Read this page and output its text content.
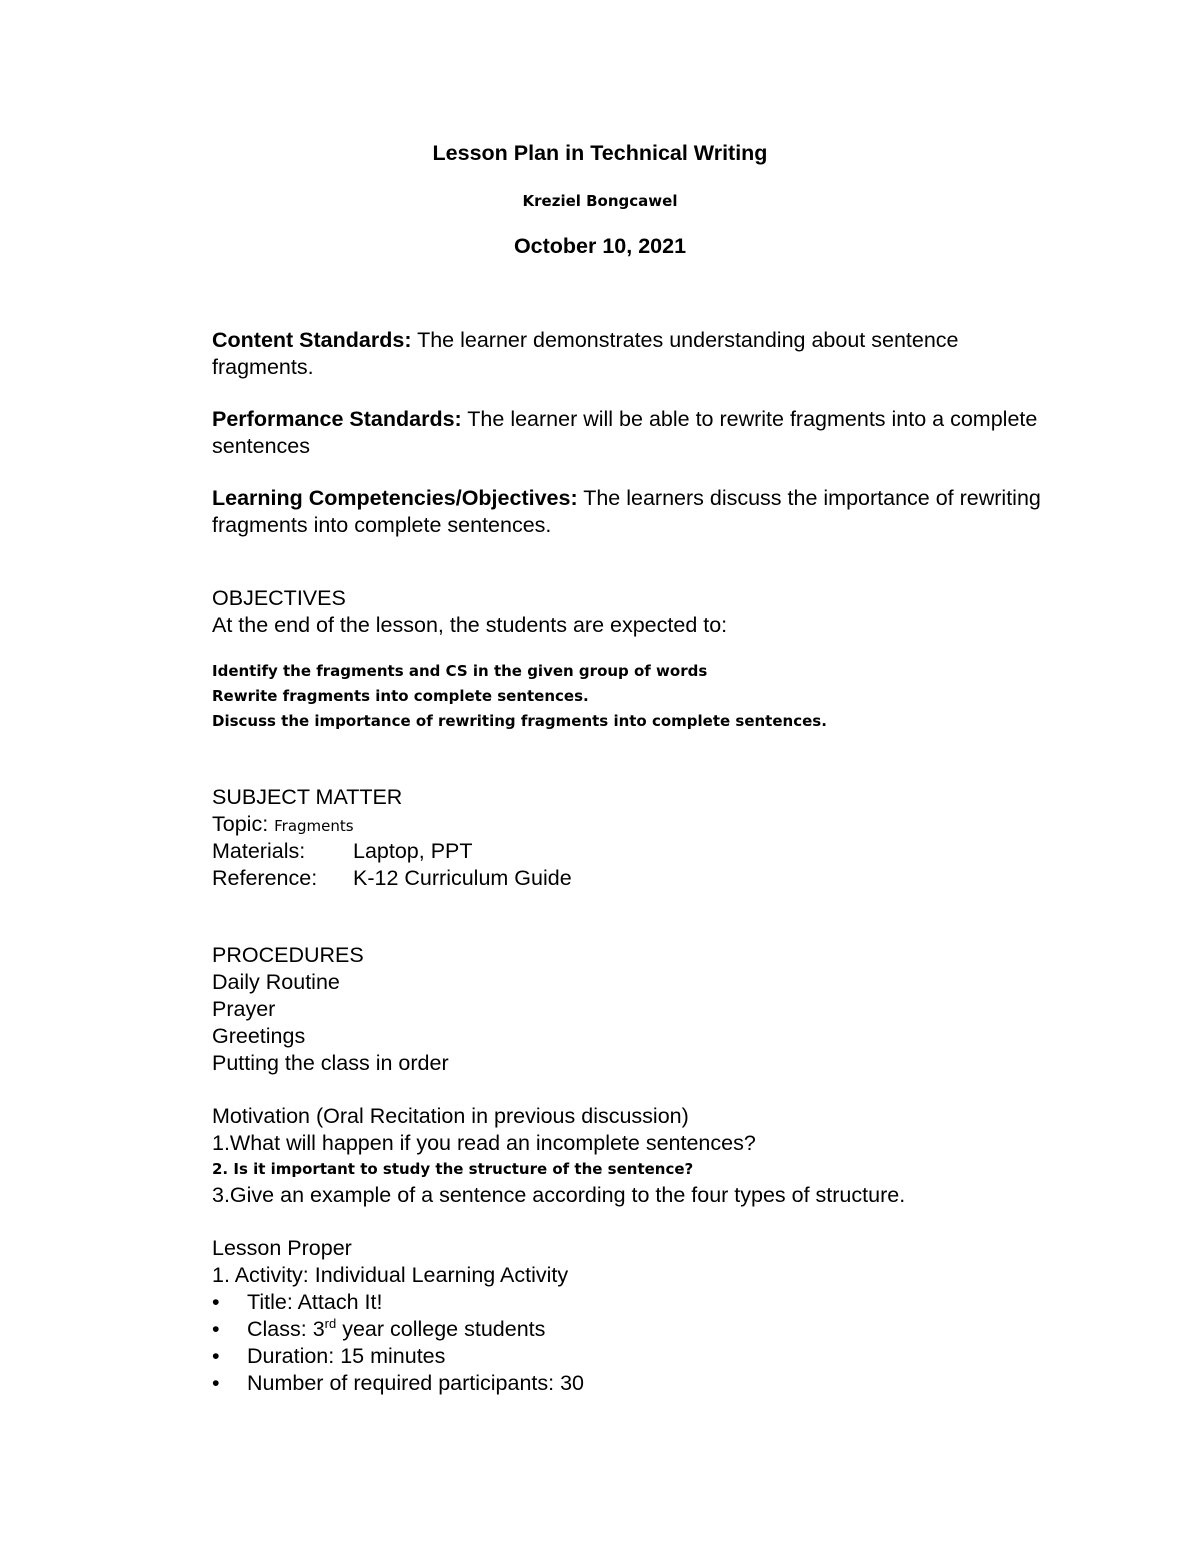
Lesson Plan in Technical Writing
Kreziel Bongcawel
October 10, 2021
Content Standards: The learner demonstrates understanding about sentence fragments.
Performance Standards: The learner will be able to rewrite fragments into a complete sentences
Learning Competencies/Objectives: The learners discuss the importance of rewriting fragments into complete sentences.
OBJECTIVES
At the end of the lesson, the students are expected to:
Identify the fragments and CS in the given group of words
Rewrite fragments into complete sentences.
Discuss the importance of rewriting fragments into complete sentences.
SUBJECT MATTER
Topic: Fragments
Materials: Laptop, PPT
Reference: K-12 Curriculum Guide
PROCEDURES
Daily Routine
Prayer
Greetings
Putting the class in order
Motivation (Oral Recitation in previous discussion)
1.What will happen if you read an incomplete sentences?
2. Is it important to study the structure of the sentence?
3.Give an example of a sentence according to the four types of structure.
Lesson Proper
1. Activity: Individual Learning Activity
• Title: Attach It!
• Class: 3rd year college students
• Duration: 15 minutes
• Number of required participants: 30
